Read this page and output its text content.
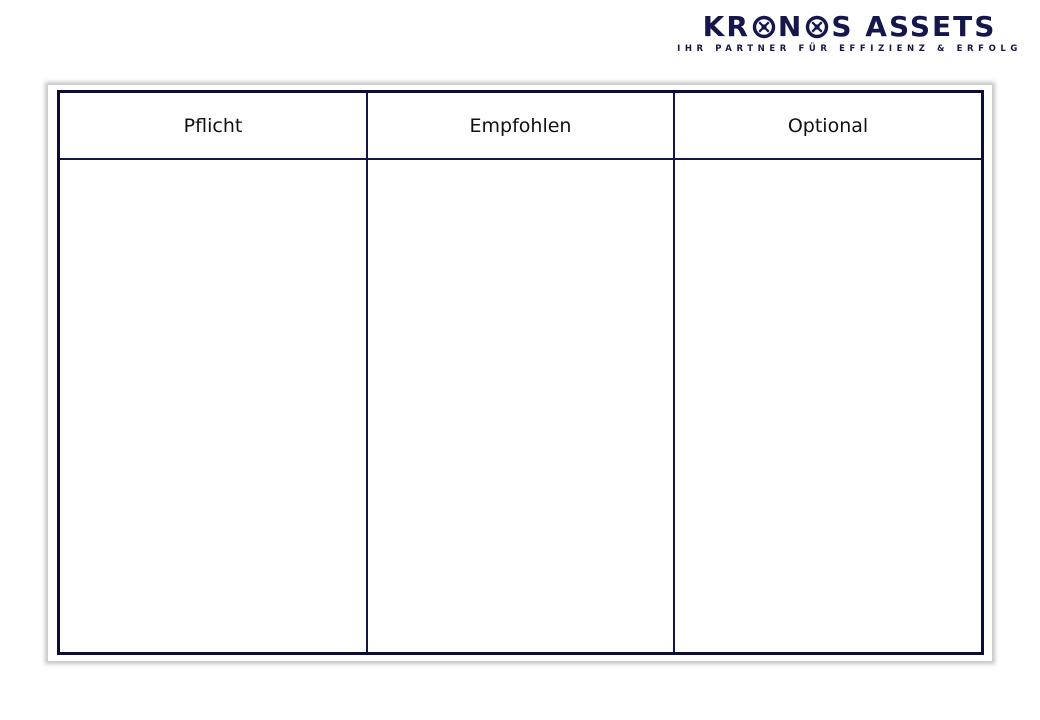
KR N S ASSETS
IHR PARTNER FÜR EFFIZIENZ & ERFOLG
Pflicht	Empfohlen	Optional
